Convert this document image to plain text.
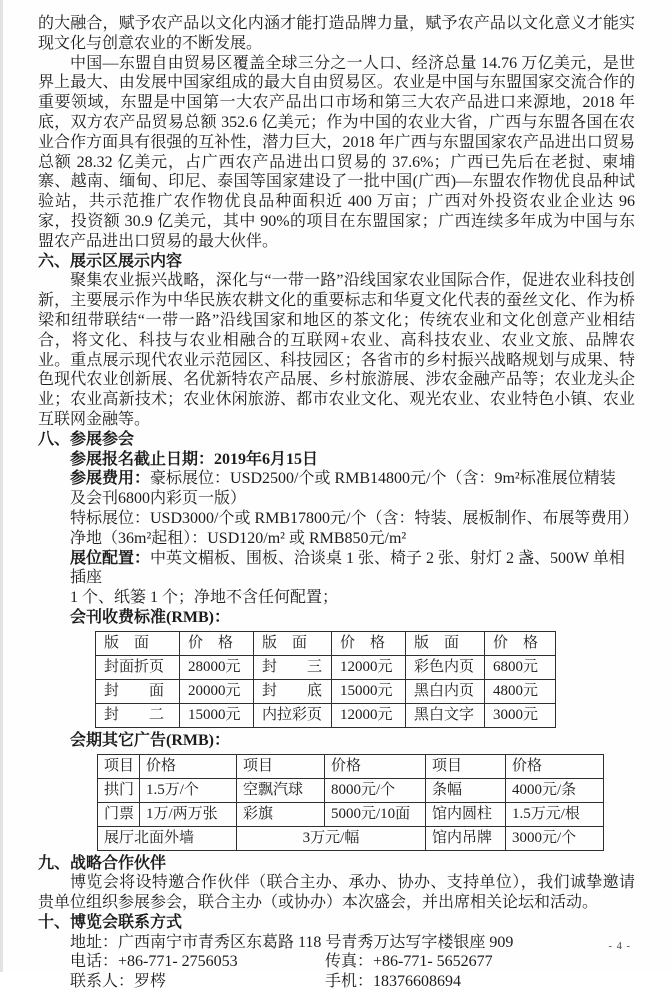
的大融合，赋予农产品以文化内涵才能打造品牌力量，赋予农产品以文化意义才能实现文化与创意农业的不断发展。

中国—东盟自由贸易区覆盖全球三分之一人口、经济总量 14.76 万亿美元，是世界上最大、由发展中国家组成的最大自由贸易区。农业是中国与东盟国家交流合作的重要领域，东盟是中国第一大农产品出口市场和第三大农产品进口来源地，2018 年底，双方农产品贸易总额 352.6 亿美元；作为中国的农业大省，广西与东盟各国在农业合作方面具有很强的互补性，潜力巨大，2018 年广西与东盟国家农产品进出口贸易总额 28.32 亿美元，占广西农产品进出口贸易的 37.6%；广西已先后在老挝、柬埔寨、越南、缅甸、印尼、泰国等国家建设了一批中国(广西)—东盟农作物优良品种试验站，共示范推广农作物优良品种面积近 400 万亩；广西对外投资农业企业达 96 家，投资额 30.9 亿美元，其中 90%的项目在东盟国家；广西连续多年成为中国与东盟农产品进出口贸易的最大伙伴。

六、展示区展示内容

聚集农业振兴战略，深化与“一带一路”沿线国家农业国际合作，促进农业科技创新，主要展示作为中华民族农耕文化的重要标志和华夏文化代表的蚕丝文化、作为桥梁和纽带联结“一带一路”沿线国家和地区的茶文化；传统农业和文化创意产业相结合，将文化、科技与农业相融合的互联网+农业、高科技农业、农业文旅、品牌农业。重点展示现代农业示范园区、科技园区；各省市的乡村振兴战略规划与成果、特色现代农业创新展、名优新特农产品展、乡村旅游展、涉农金融产品等；农业龙头企业；农业高新技术；农业休闲旅游、都市农业文化、观光农业、农业特色小镇、农业互联网金融等。

八、参展参会
参展报名截止日期：2019年6月15日
参展费用：豪标展位：USD2500/个或 RMB14800元/个（含：9m²标准展位精装
及会刊6800内彩页一版）
特标展位：USD3000/个或 RMB17800元/个（含：特装、展板制作、布展等费用）
净地（36m²起租）：USD120/m² 或 RMB850元/m²
展位配置：中英文楣板、围板、洽谈桌 1 张、椅子 2 张、射灯 2 盏、500W 单相插座
1 个、纸篓 1 个；净地不含任何配置；
会刊收费标准(RMB)：
版　面	价　格	版　面	价　格	版　面	价　格
封面折页	28000元	封　　三	12000元	彩色内页	6800元
封　　面	20000元	封　　底	15000元	黑白内页	4800元
封　　二	15000元	内拉彩页	12000元	黑白文字	3000元
会期其它广告(RMB)：
项目	价格	项目	价格	项目	价格
拱门	1.5万/个	空飘汽球	8000元/个	条幅	4000元/条
门票	1万/两万张	彩旗	5000元/10面	馆内圆柱	1.5万元/根
展厅北面外墙		3万元/幅		馆内吊牌	3000元/个
九、战略合作伙伴

博览会将设特邀合作伙伴（联合主办、承办、协办、支持单位），我们诚挚邀请贵单位组织参展参会，联合主办（或协办）本次盛会，并出席相关论坛和活动。

十、博览会联系方式
地址：广西南宁市青秀区东葛路 118 号青秀万达写字楼银座 909
电话：+86-771- 2756053	传真：+86-771- 5652677
联系人：罗梣	手机：18376608694
- 4 -
